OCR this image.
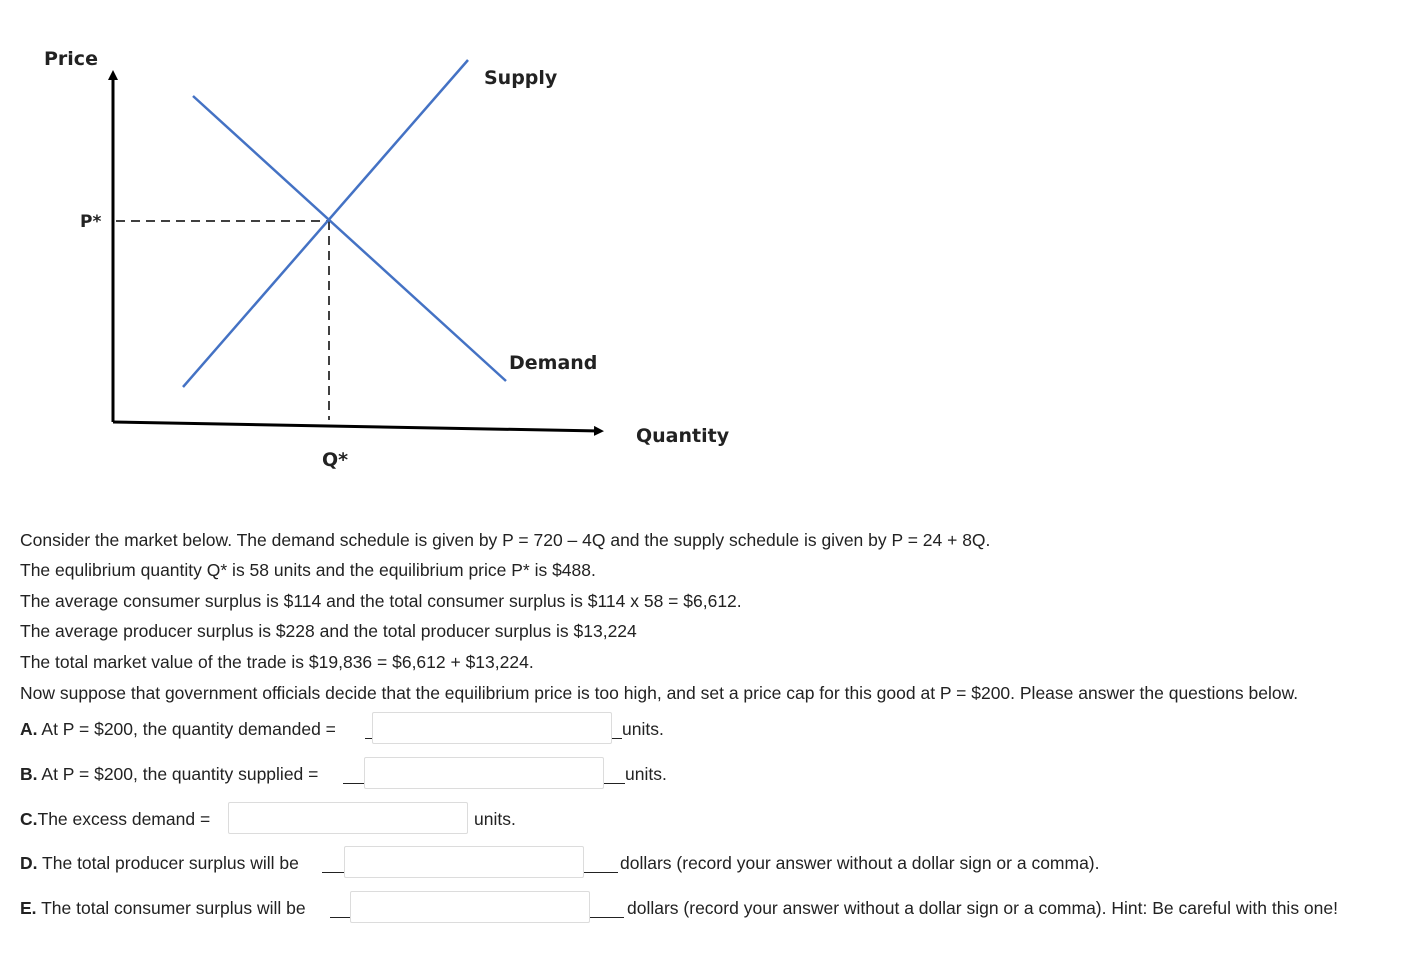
Price
P*
Supply
Demand
Quantity
Q*
Consider the market below. The demand schedule is given by P = 720 – 4Q and the supply schedule is given by P = 24 + 8Q.
The equlibrium quantity Q* is 58 units and the equilibrium price P* is $488.
The average consumer surplus is $114 and the total consumer surplus is $114 x 58 = $6,612.
The average producer surplus is $228 and the total producer surplus is $13,224
The total market value of the trade is $19,836 = $6,612 + $13,224.
Now suppose that government officials decide that the equilibrium price is too high, and set a price cap for this good at P = $200. Please answer the questions below.
A. At P = $200, the quantity demanded =	units.
B. At P = $200, the quantity supplied =	units.
C.The excess demand =	units.
D. The total producer surplus will be	dollars (record your answer without a dollar sign or a comma).
E. The total consumer surplus will be	dollars (record your answer without a dollar sign or a comma). Hint: Be careful with this one!
